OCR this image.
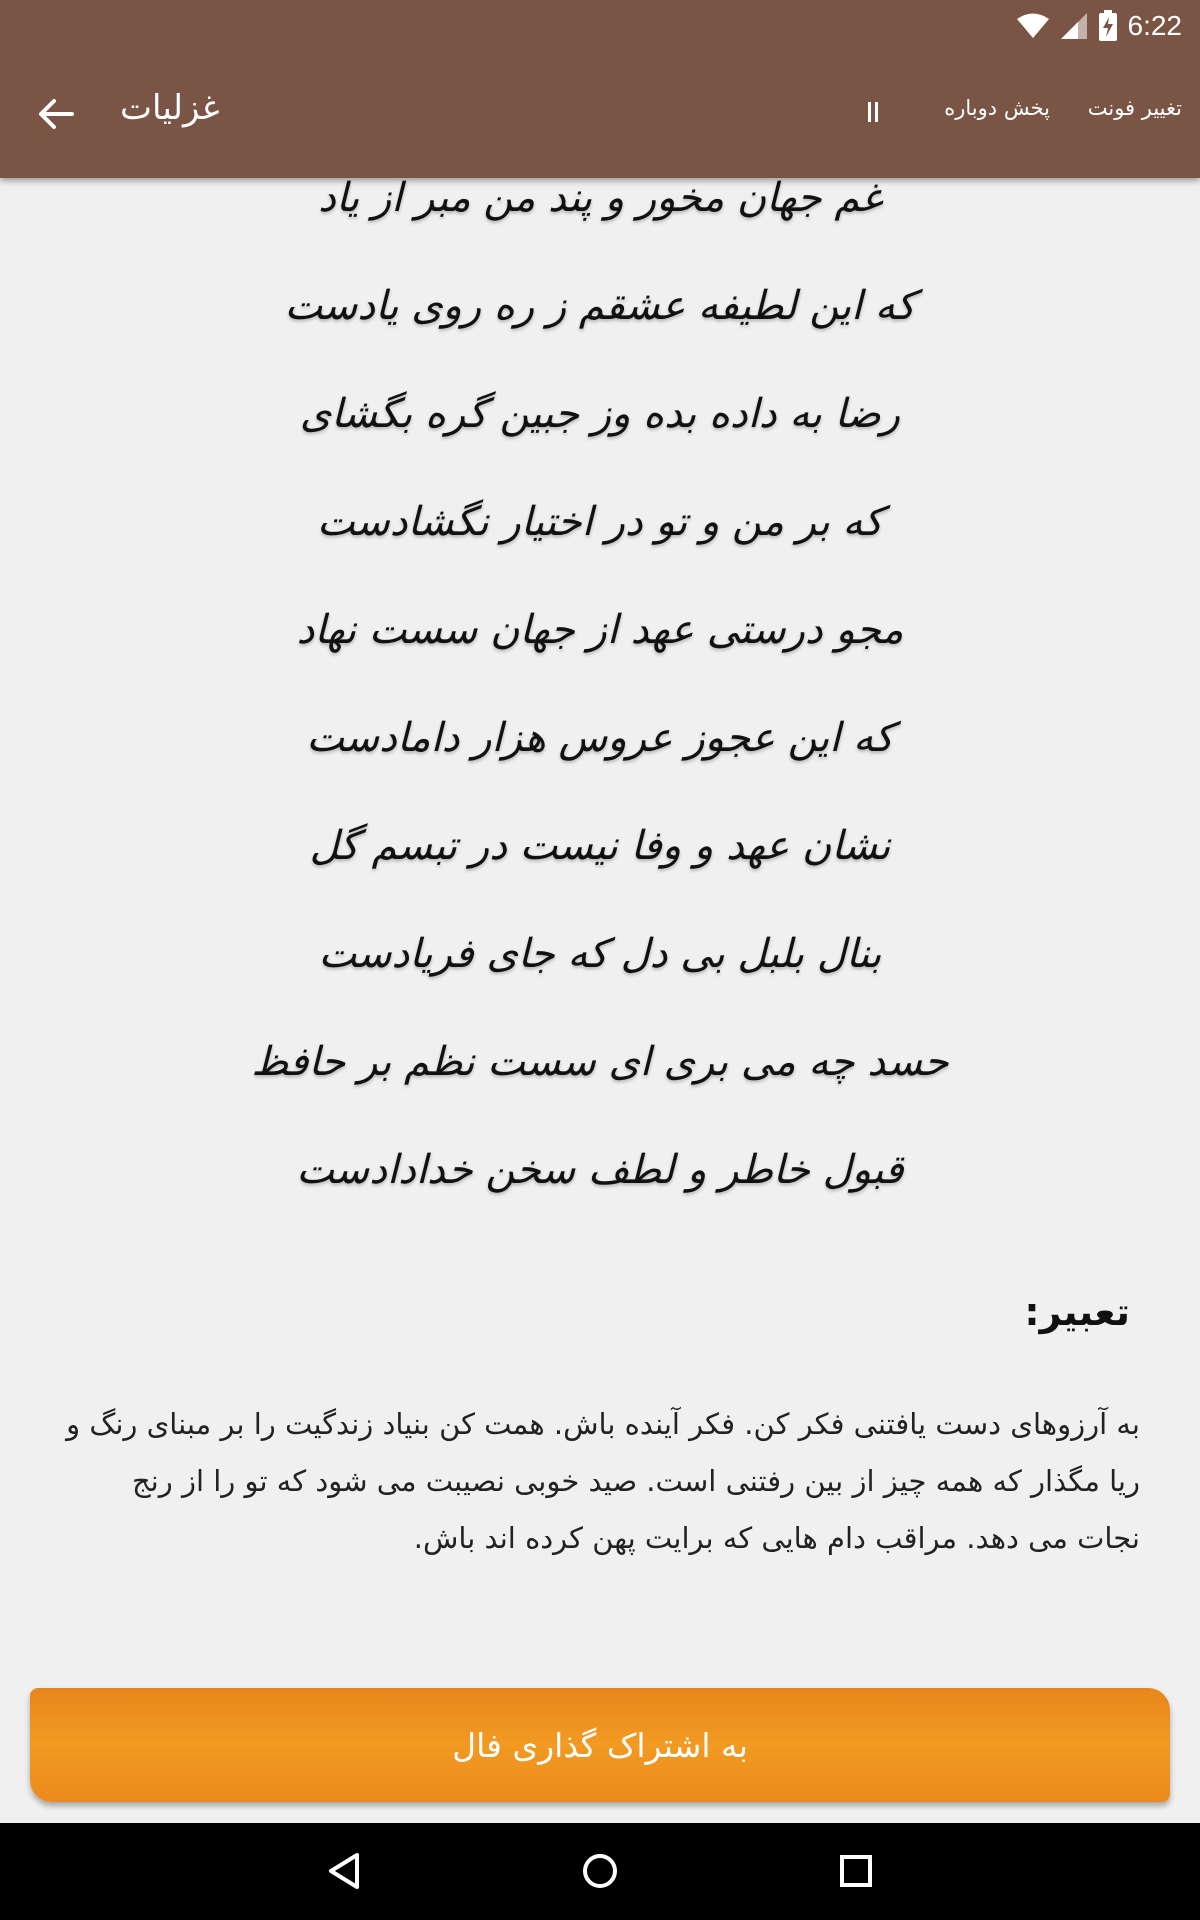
6:22
غزلیات	پخش دوباره تغییر فونت
غم جهان مخور و پند من مبر از یاد
که این لطیفه عشقم ز ره روی یادست
رضا به داده بده وز جبین گره بگشای
که بر من و تو در اختیار نگشادست
مجو درستی عهد از جهان سست نهاد
که این عجوز عروس هزار دامادست
نشان عهد و وفا نیست در تبسم گل
بنال بلبل بی دل که جای فریادست
حسد چه می بری ای سست نظم بر حافظ
قبول خاطر و لطف سخن خدادادست
تعبیر:
به آرزوهای دست یافتنی فکر کن. فکر آینده باش. همت کن بنیاد زندگیت را بر مبنای رنگ و ریا مگذار که همه چیز از بین رفتنی است. صید خوبی نصیبت می شود که تو را از رنج نجات می دهد. مراقب دام هایی که برایت پهن کرده اند باش.
به اشتراک گذاری فال
